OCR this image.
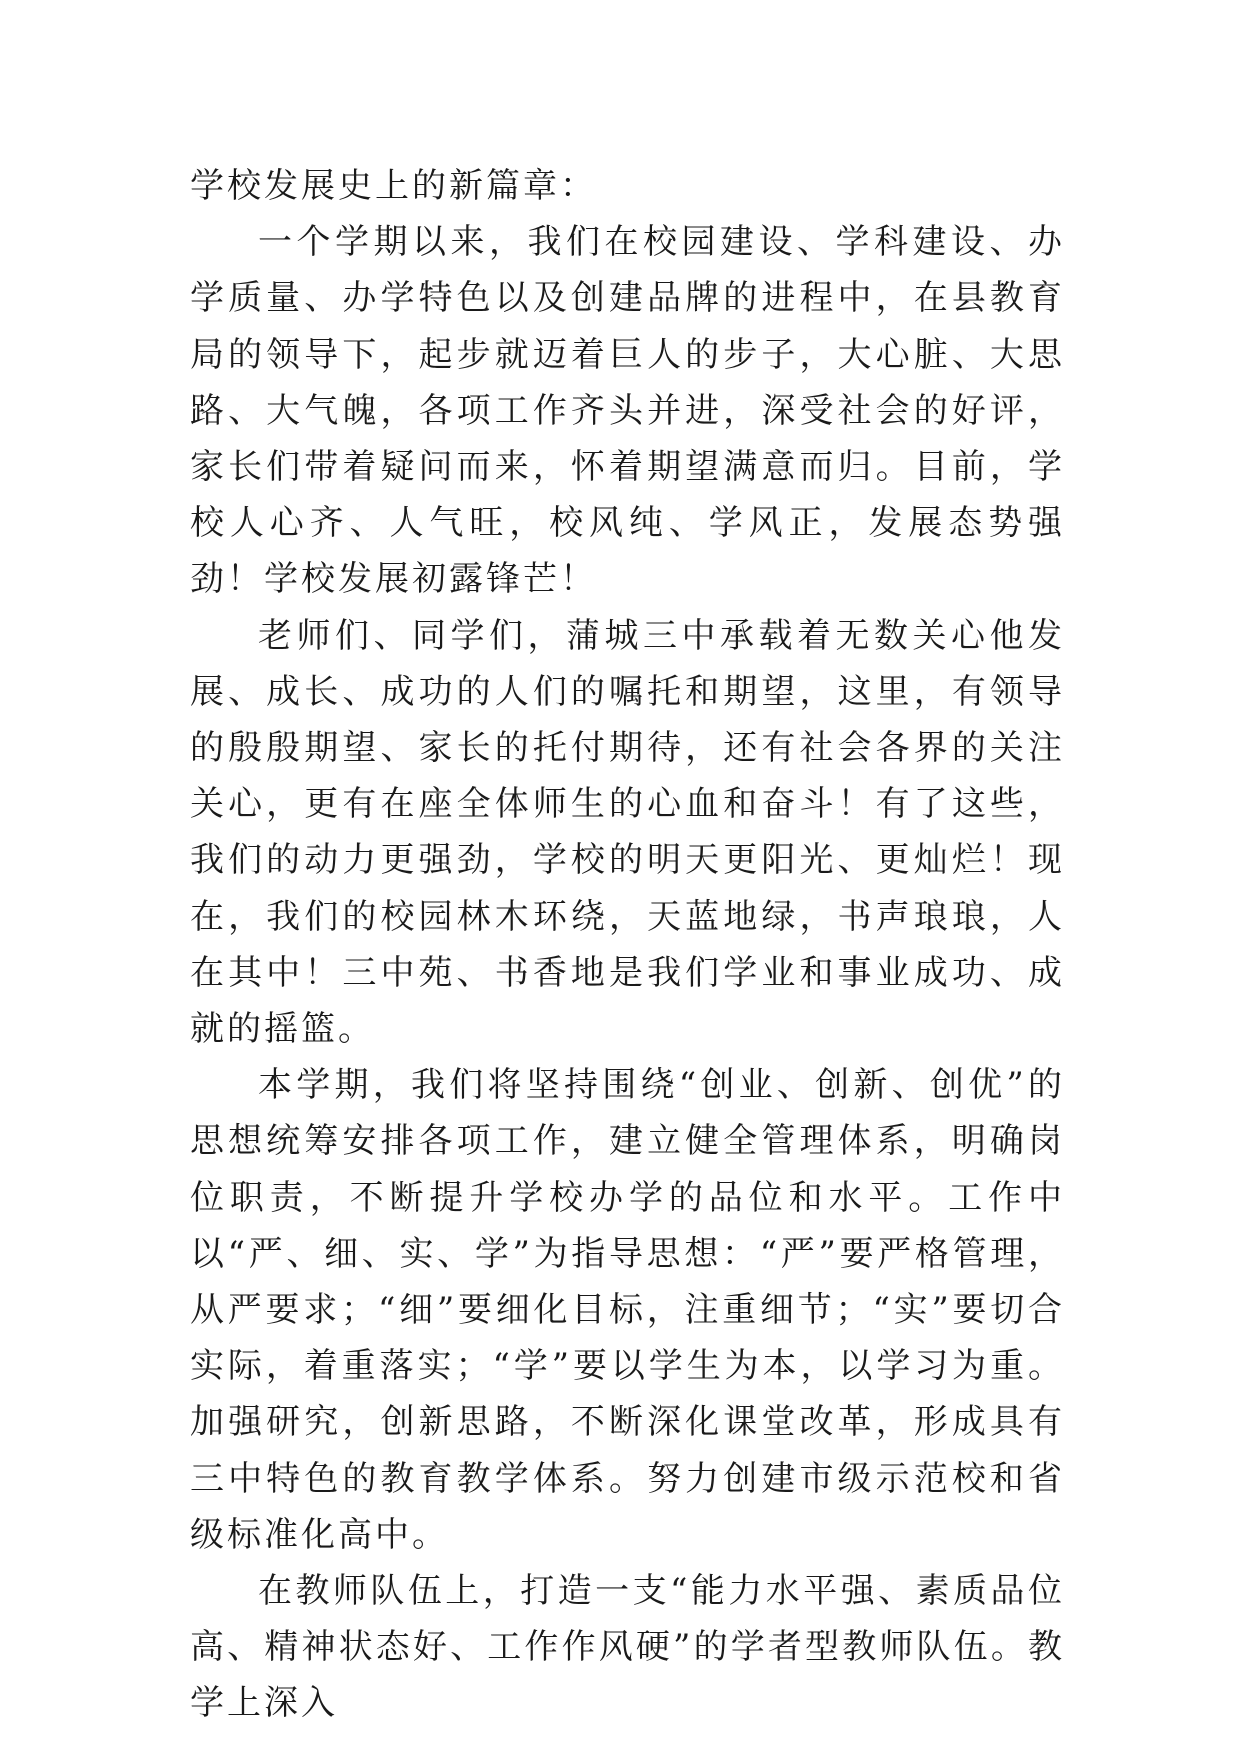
学校发展史上的新篇章：

一个学期以来，我们在校园建设、学科建设、办学质量、办学特色以及创建品牌的进程中，在县教育局的领导下，起步就迈着巨人的步子，大心脏、大思路、大气魄，各项工作齐头并进，深受社会的好评，家长们带着疑问而来，怀着期望满意而归。目前，学校人心齐、人气旺，校风纯、学风正，发展态势强劲！学校发展初露锋芒！

老师们、同学们，蒲城三中承载着无数关心他发展、成长、成功的人们的嘱托和期望，这里，有领导的殷殷期望、家长的托付期待，还有社会各界的关注关心，更有在座全体师生的心血和奋斗！有了这些，我们的动力更强劲，学校的明天更阳光、更灿烂！现在，我们的校园林木环绕，天蓝地绿，书声琅琅，人在其中！三中苑、书香地是我们学业和事业成功、成就的摇篮。

本学期，我们将坚持围绕“创业、创新、创优”的思想统筹安排各项工作，建立健全管理体系，明确岗位职责，不断提升学校办学的品位和水平。工作中以“严、细、实、学”为指导思想：“严”要严格管理，从严要求；“细”要细化目标，注重细节；“实”要切合实际，着重落实；“学”要以学生为本，以学习为重。加强研究，创新思路，不断深化课堂改革，形成具有三中特色的教育教学体系。努力创建市级示范校和省级标准化高中。

在教师队伍上，打造一支“能力水平强、素质品位高、精神状态好、工作作风硬”的学者型教师队伍。教学上深入
